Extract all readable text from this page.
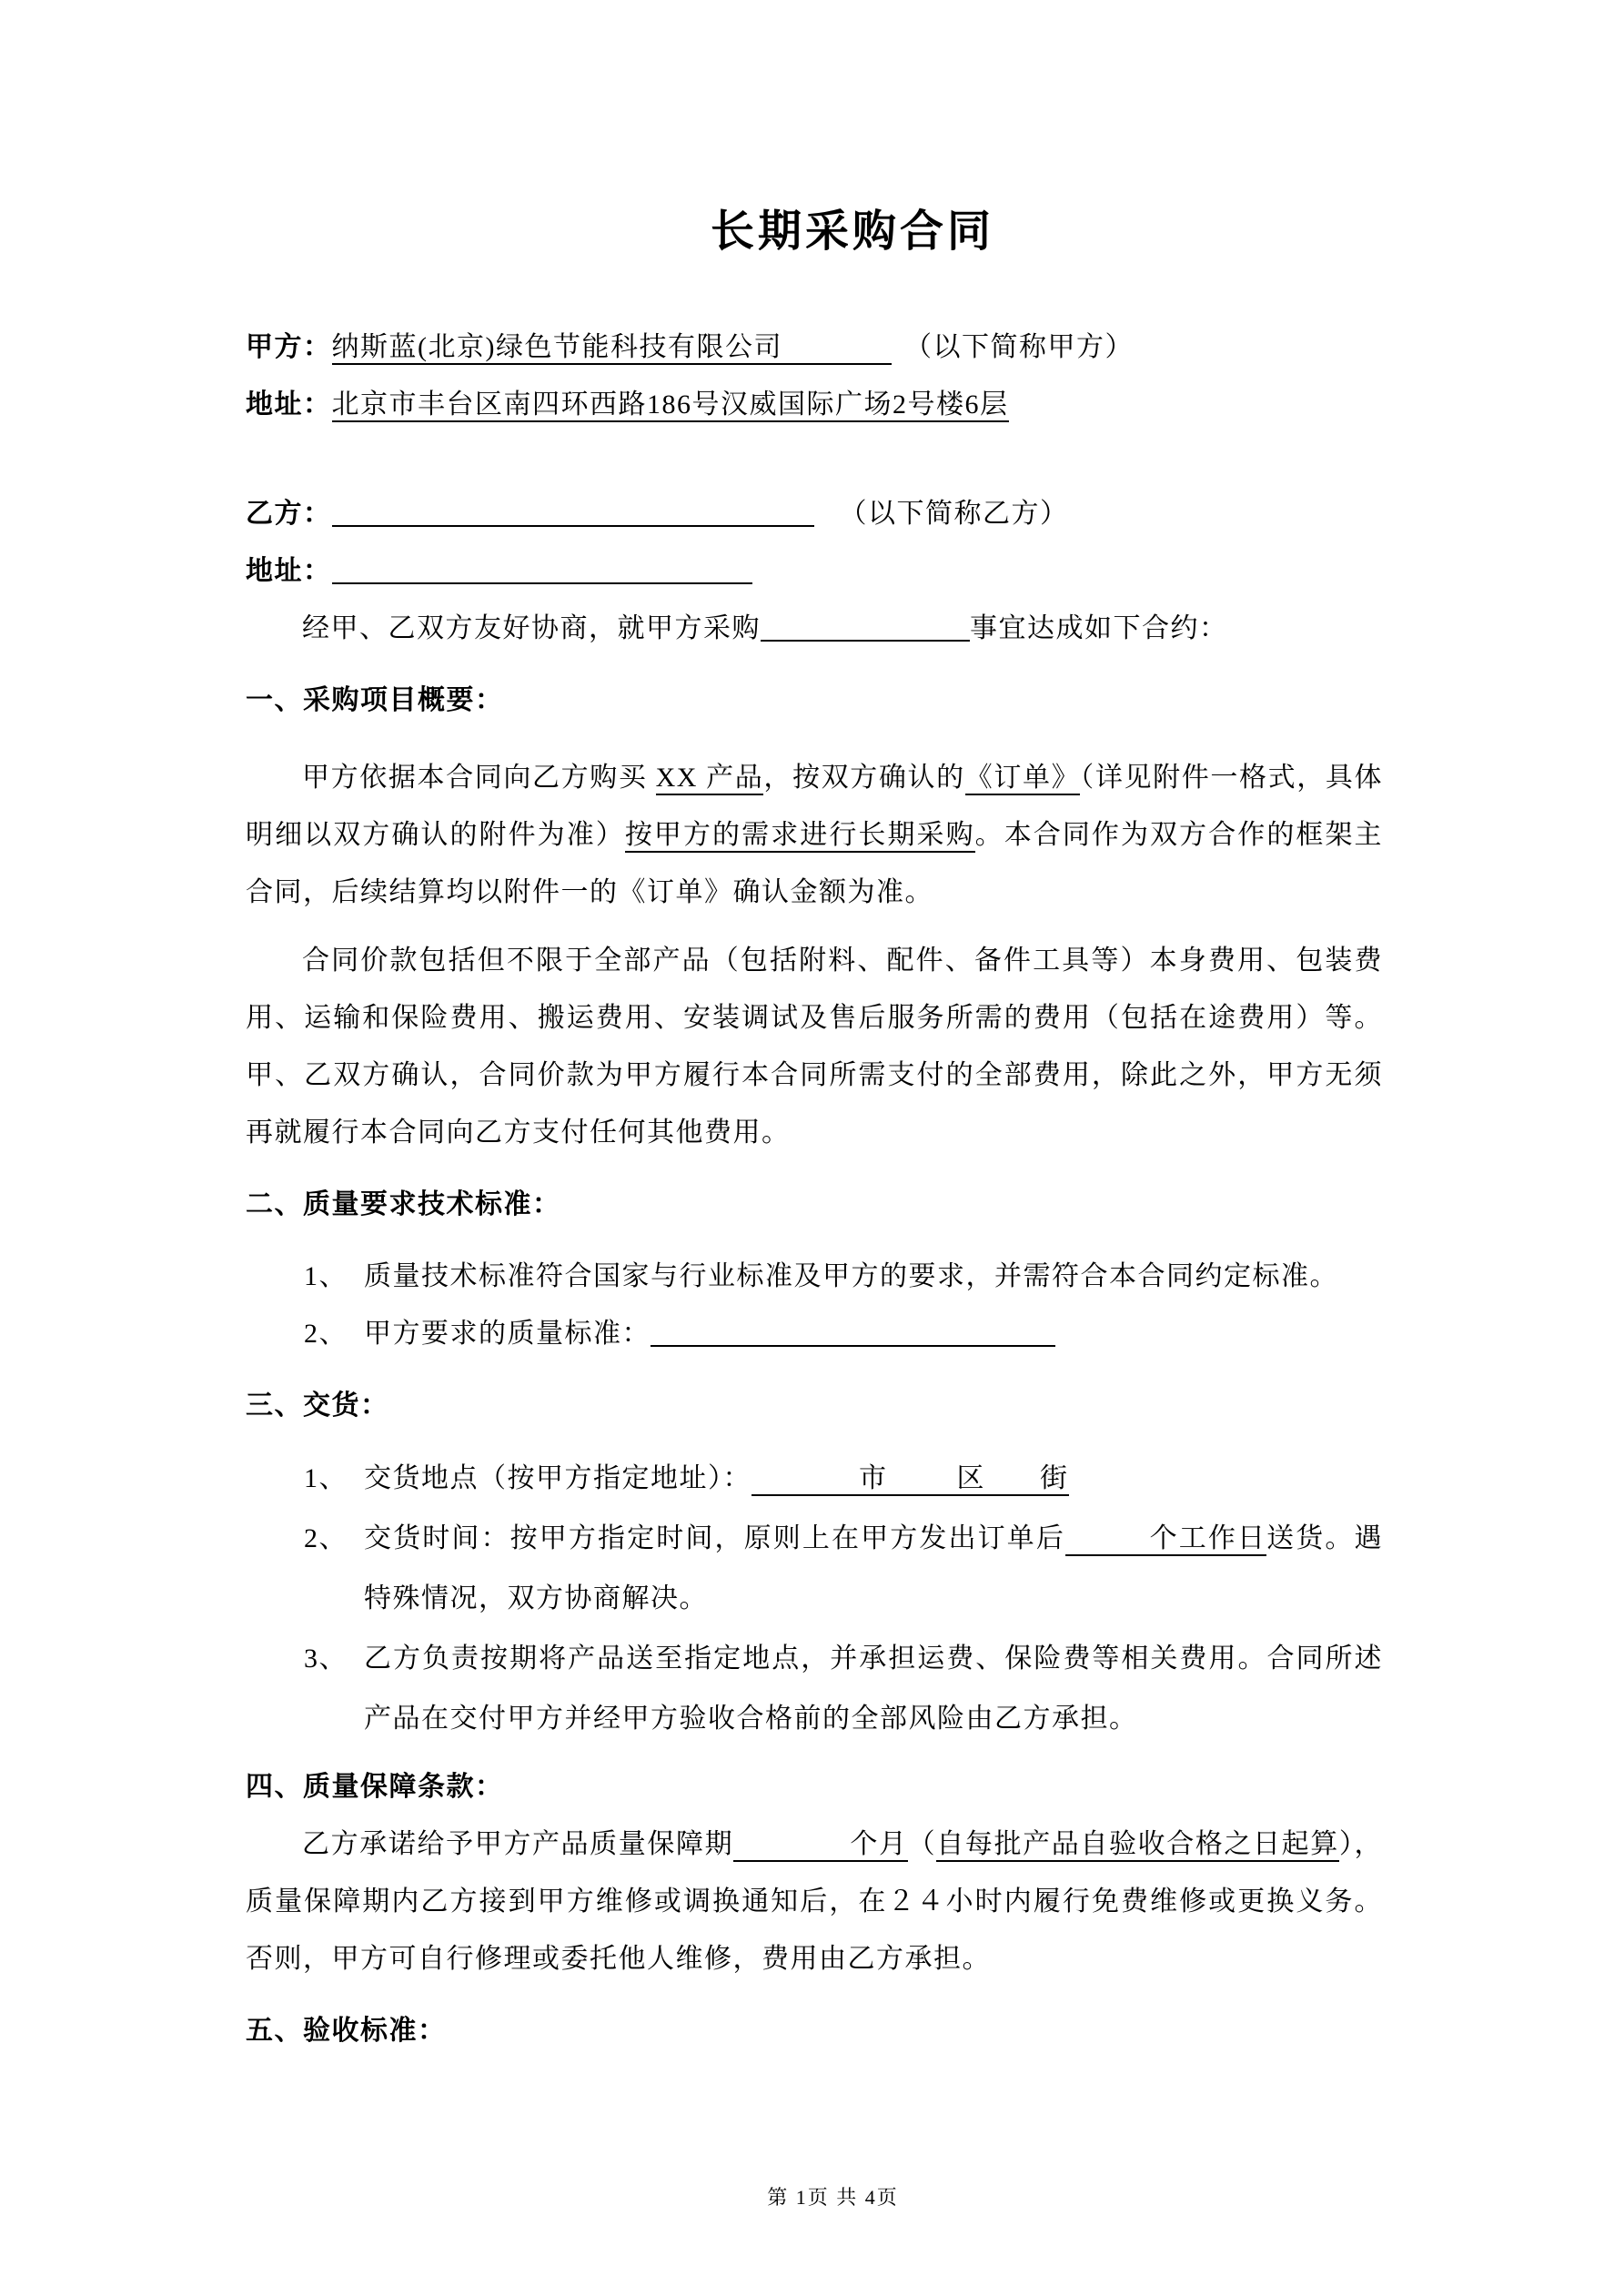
长期采购合同

甲方：纳斯蓝(北京)绿色节能科技有限公司	（以下简称甲方）

地址：北京市丰台区南四环西路186号汉威国际广场2号楼6层

乙方：	（以下简称乙方）

地址：

经甲、乙双方友好协商，就甲方采购	事宜达成如下合约：

一、采购项目概要：

甲方依据本合同向乙方购买 XX 产品，按双方确认的《订单》（详见附件一格式，具体明细以双方确认的附件为准）按甲方的需求进行长期采购。本合同作为双方合作的框架主合同，后续结算均以附件一的《订单》确认金额为准。

合同价款包括但不限于全部产品（包括附料、配件、备件工具等）本身费用、包装费用、运输和保险费用、搬运费用、安装调试及售后服务所需的费用（包括在途费用）等。甲、乙双方确认，合同价款为甲方履行本合同所需支付的全部费用，除此之外，甲方无须再就履行本合同向乙方支付任何其他费用。

二、质量要求技术标准：

1、 质量技术标准符合国家与行业标准及甲方的要求，并需符合本合同约定标准。

2、 甲方要求的质量标准：

三、交货：

1、 交货地点（按甲方指定地址）：	市	区 街

2、 交货时间：按甲方指定时间，原则上在甲方发出订单后	个工作日送货。遇特殊情况，双方协商解决。

3、 乙方负责按期将产品送至指定地点，并承担运费、保险费等相关费用。合同所述产品在交付甲方并经甲方验收合格前的全部风险由乙方承担。

四、质量保障条款：

乙方承诺给予甲方产品质量保障期	个月（自每批产品自验收合格之日起算），质量保障期内乙方接到甲方维修或调换通知后，在２４小时内履行免费维修或更换义务。否则，甲方可自行修理或委托他人维修，费用由乙方承担。

五、验收标准：
第 1页 共 4页
